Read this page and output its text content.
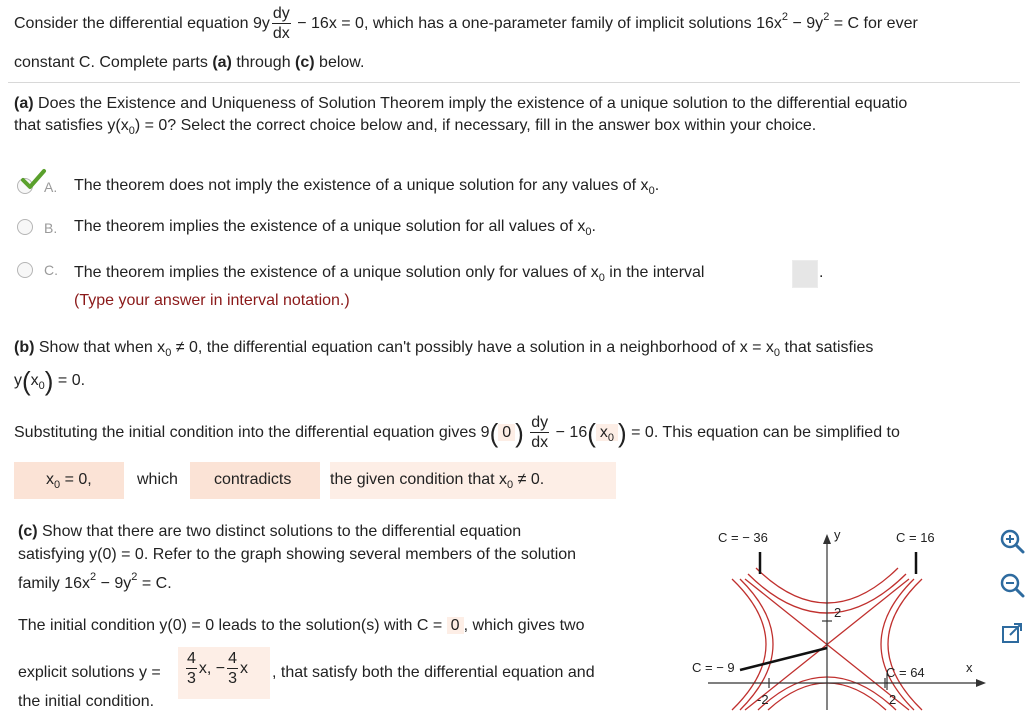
Consider the differential equation $9y \frac{dy}{dx} - 16x = 0$, which has a one-parameter family of implicit solutions $16x^2 - 9y^2 = C$ for ever
constant C. Complete parts (a) through (c) below.
(a) Does the Existence and Uniqueness of Solution Theorem imply the existence of a unique solution to the differential equatio
that satisfies $y(x_0) = 0$? Select the correct choice below and, if necessary, fill in the answer box within your choice.
A. The theorem does not imply the existence of a unique solution for any values of $x_0$.
B. The theorem implies the existence of a unique solution for all values of $x_0$.
C. The theorem implies the existence of a unique solution only for values of $x_0$ in the interval	.
(Type your answer in interval notation.)
(b) Show that when $x_0 \ne 0$, the differential equation can't possibly have a solution in a neighborhood of $x = x_0$ that satisfies
$y(x_0) = 0$.
Substituting the initial condition into the differential equation gives 9( 0 ) $\frac{dy}{dx} - 16$( $x_0$ ) = 0. This equation can be simplified to
$x_0 = 0$,	which contradicts the given condition that $x_0 \ne 0$.
(c) Show that there are two distinct solutions to the differential equation
satisfying y(0) = 0. Refer to the graph showing several members of the solution
family $16x^2 - 9y^2 = C$.
The initial condition y(0) = 0 leads to the solution(s) with C = 0 , which gives two
explicit solutions $y = \frac{4}{3} x$, − $\frac{4}{3}$ x , that satisfy both the differential equation and
the initial condition.
C = − 36	C = 16
C = − 9	C = 64
y
x
2
-2	2
